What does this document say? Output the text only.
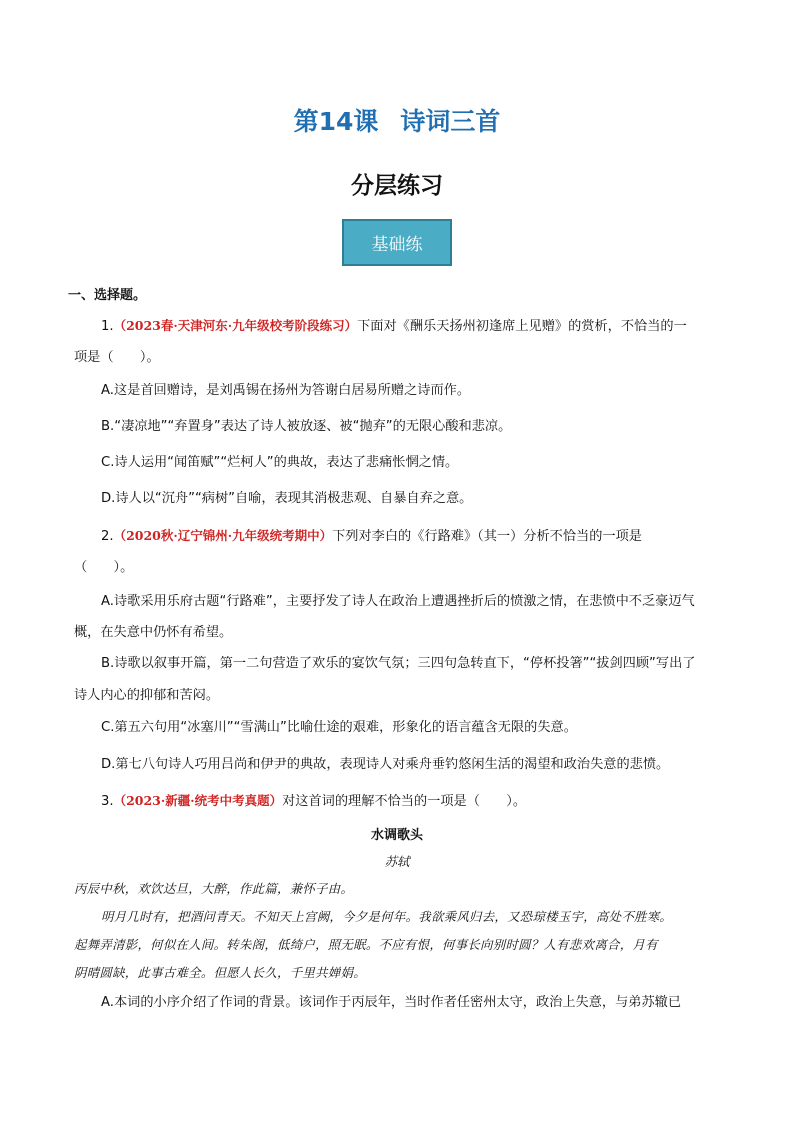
第14课 诗词三首
分层练习
基础练
一、选择题。
1.（2023春·天津河东·九年级校考阶段练习）下面对《酬乐天扬州初逢席上见赠》的赏析，不恰当的一
项是（　　）。
A.这是首回赠诗，是刘禹锡在扬州为答谢白居易所赠之诗而作。
B.“凄凉地”“弃置身”表达了诗人被放逐、被“抛弃”的无限心酸和悲凉。
C.诗人运用“闻笛赋”“烂柯人”的典故，表达了悲痛怅惘之情。
D.诗人以“沉舟”“病树”自喻，表现其消极悲观、自暴自弃之意。
2.（2020秋·辽宁锦州·九年级统考期中）下列对李白的《行路难》（其一）分析不恰当的一项是
（　　）。
A.诗歌采用乐府古题“行路难”，主要抒发了诗人在政治上遭遇挫折后的愤激之情，在悲愤中不乏豪迈气
概，在失意中仍怀有希望。
B.诗歌以叙事开篇，第一二句营造了欢乐的宴饮气氛；三四句急转直下，“停杯投箸”“拔剑四顾”写出了
诗人内心的抑郁和苦闷。
C.第五六句用“冰塞川”“雪满山”比喻仕途的艰难，形象化的语言蕴含无限的失意。
D.第七八句诗人巧用吕尚和伊尹的典故，表现诗人对乘舟垂钓悠闲生活的渴望和政治失意的悲愤。
3.（2023·新疆·统考中考真题）对这首词的理解不恰当的一项是（　　）。
水调歌头
苏轼
丙辰中秋，欢饮达旦，大醉，作此篇，兼怀子由。
明月几时有，把酒问青天。不知天上宫阙，今夕是何年。我欲乘风归去，又恐琼楼玉宇，高处不胜寒。
起舞弄清影，何似在人间。转朱阁，低绮户，照无眠。不应有恨，何事长向别时圆？人有悲欢离合，月有
阴晴圆缺，此事古难全。但愿人长久，千里共婵娟。
A.本词的小序介绍了作词的背景。该词作于丙辰年，当时作者任密州太守，政治上失意，与弟苏辙已
